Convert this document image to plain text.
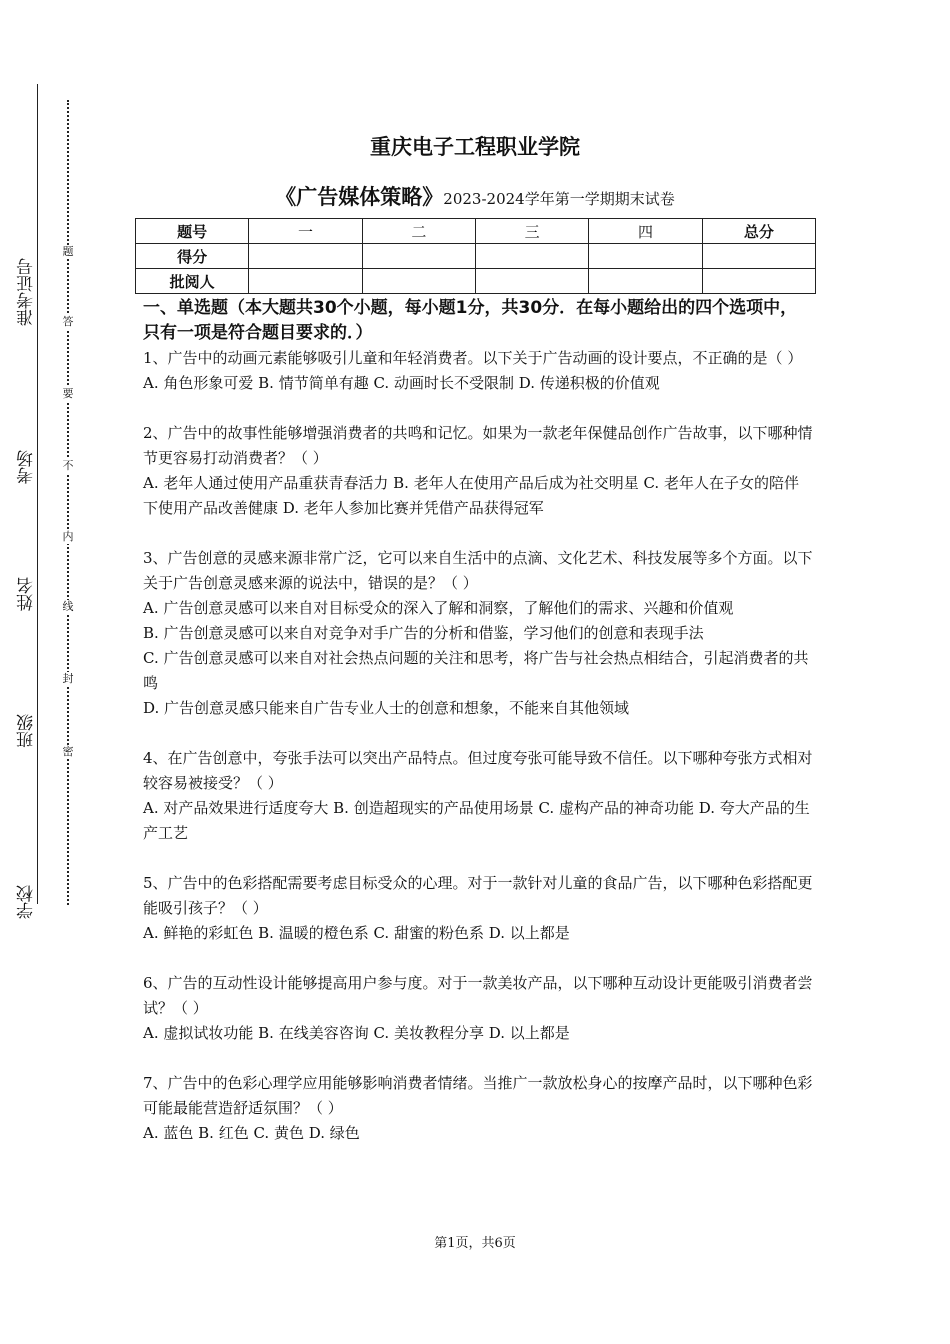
准考证号
考场
姓名
班级
学校
题
答
要
不
内
线
封
密
重庆电子工程职业学院
《广告媒体策略》2023-2024学年第一学期期末试卷
题号	一	二	三	四	总分
得分					
批阅人					
一、单选题（本大题共30个小题，每小题1分，共30分．在每小题给出的四个选项中，只有一项是符合题目要求的．）

1、广告中的动画元素能够吸引儿童和年轻消费者。以下关于广告动画的设计要点，不正确的是（ ）

A. 角色形象可爱 B. 情节简单有趣 C. 动画时长不受限制 D. 传递积极的价值观

2、广告中的故事性能够增强消费者的共鸣和记忆。如果为一款老年保健品创作广告故事，以下哪种情节更容易打动消费者？（ ）

A. 老年人通过使用产品重获青春活力 B. 老年人在使用产品后成为社交明星 C. 老年人在子女的陪伴下使用产品改善健康 D. 老年人参加比赛并凭借产品获得冠军

3、广告创意的灵感来源非常广泛，它可以来自生活中的点滴、文化艺术、科技发展等多个方面。以下关于广告创意灵感来源的说法中，错误的是？（ ）

A. 广告创意灵感可以来自对目标受众的深入了解和洞察，了解他们的需求、兴趣和价值观

B. 广告创意灵感可以来自对竞争对手广告的分析和借鉴，学习他们的创意和表现手法

C. 广告创意灵感可以来自对社会热点问题的关注和思考，将广告与社会热点相结合，引起消费者的共鸣

D. 广告创意灵感只能来自广告专业人士的创意和想象，不能来自其他领域

4、在广告创意中，夸张手法可以突出产品特点。但过度夸张可能导致不信任。以下哪种夸张方式相对较容易被接受？（ ）

A. 对产品效果进行适度夸大 B. 创造超现实的产品使用场景 C. 虚构产品的神奇功能 D. 夸大产品的生产工艺

5、广告中的色彩搭配需要考虑目标受众的心理。对于一款针对儿童的食品广告，以下哪种色彩搭配更能吸引孩子？（ ）

A. 鲜艳的彩虹色 B. 温暖的橙色系 C. 甜蜜的粉色系 D. 以上都是

6、广告的互动性设计能够提高用户参与度。对于一款美妆产品，以下哪种互动设计更能吸引消费者尝试？（ ）

A. 虚拟试妆功能 B. 在线美容咨询 C. 美妆教程分享 D. 以上都是

7、广告中的色彩心理学应用能够影响消费者情绪。当推广一款放松身心的按摩产品时，以下哪种色彩可能最能营造舒适氛围？（ ）

A. 蓝色 B. 红色 C. 黄色 D. 绿色

第1页，共6页
